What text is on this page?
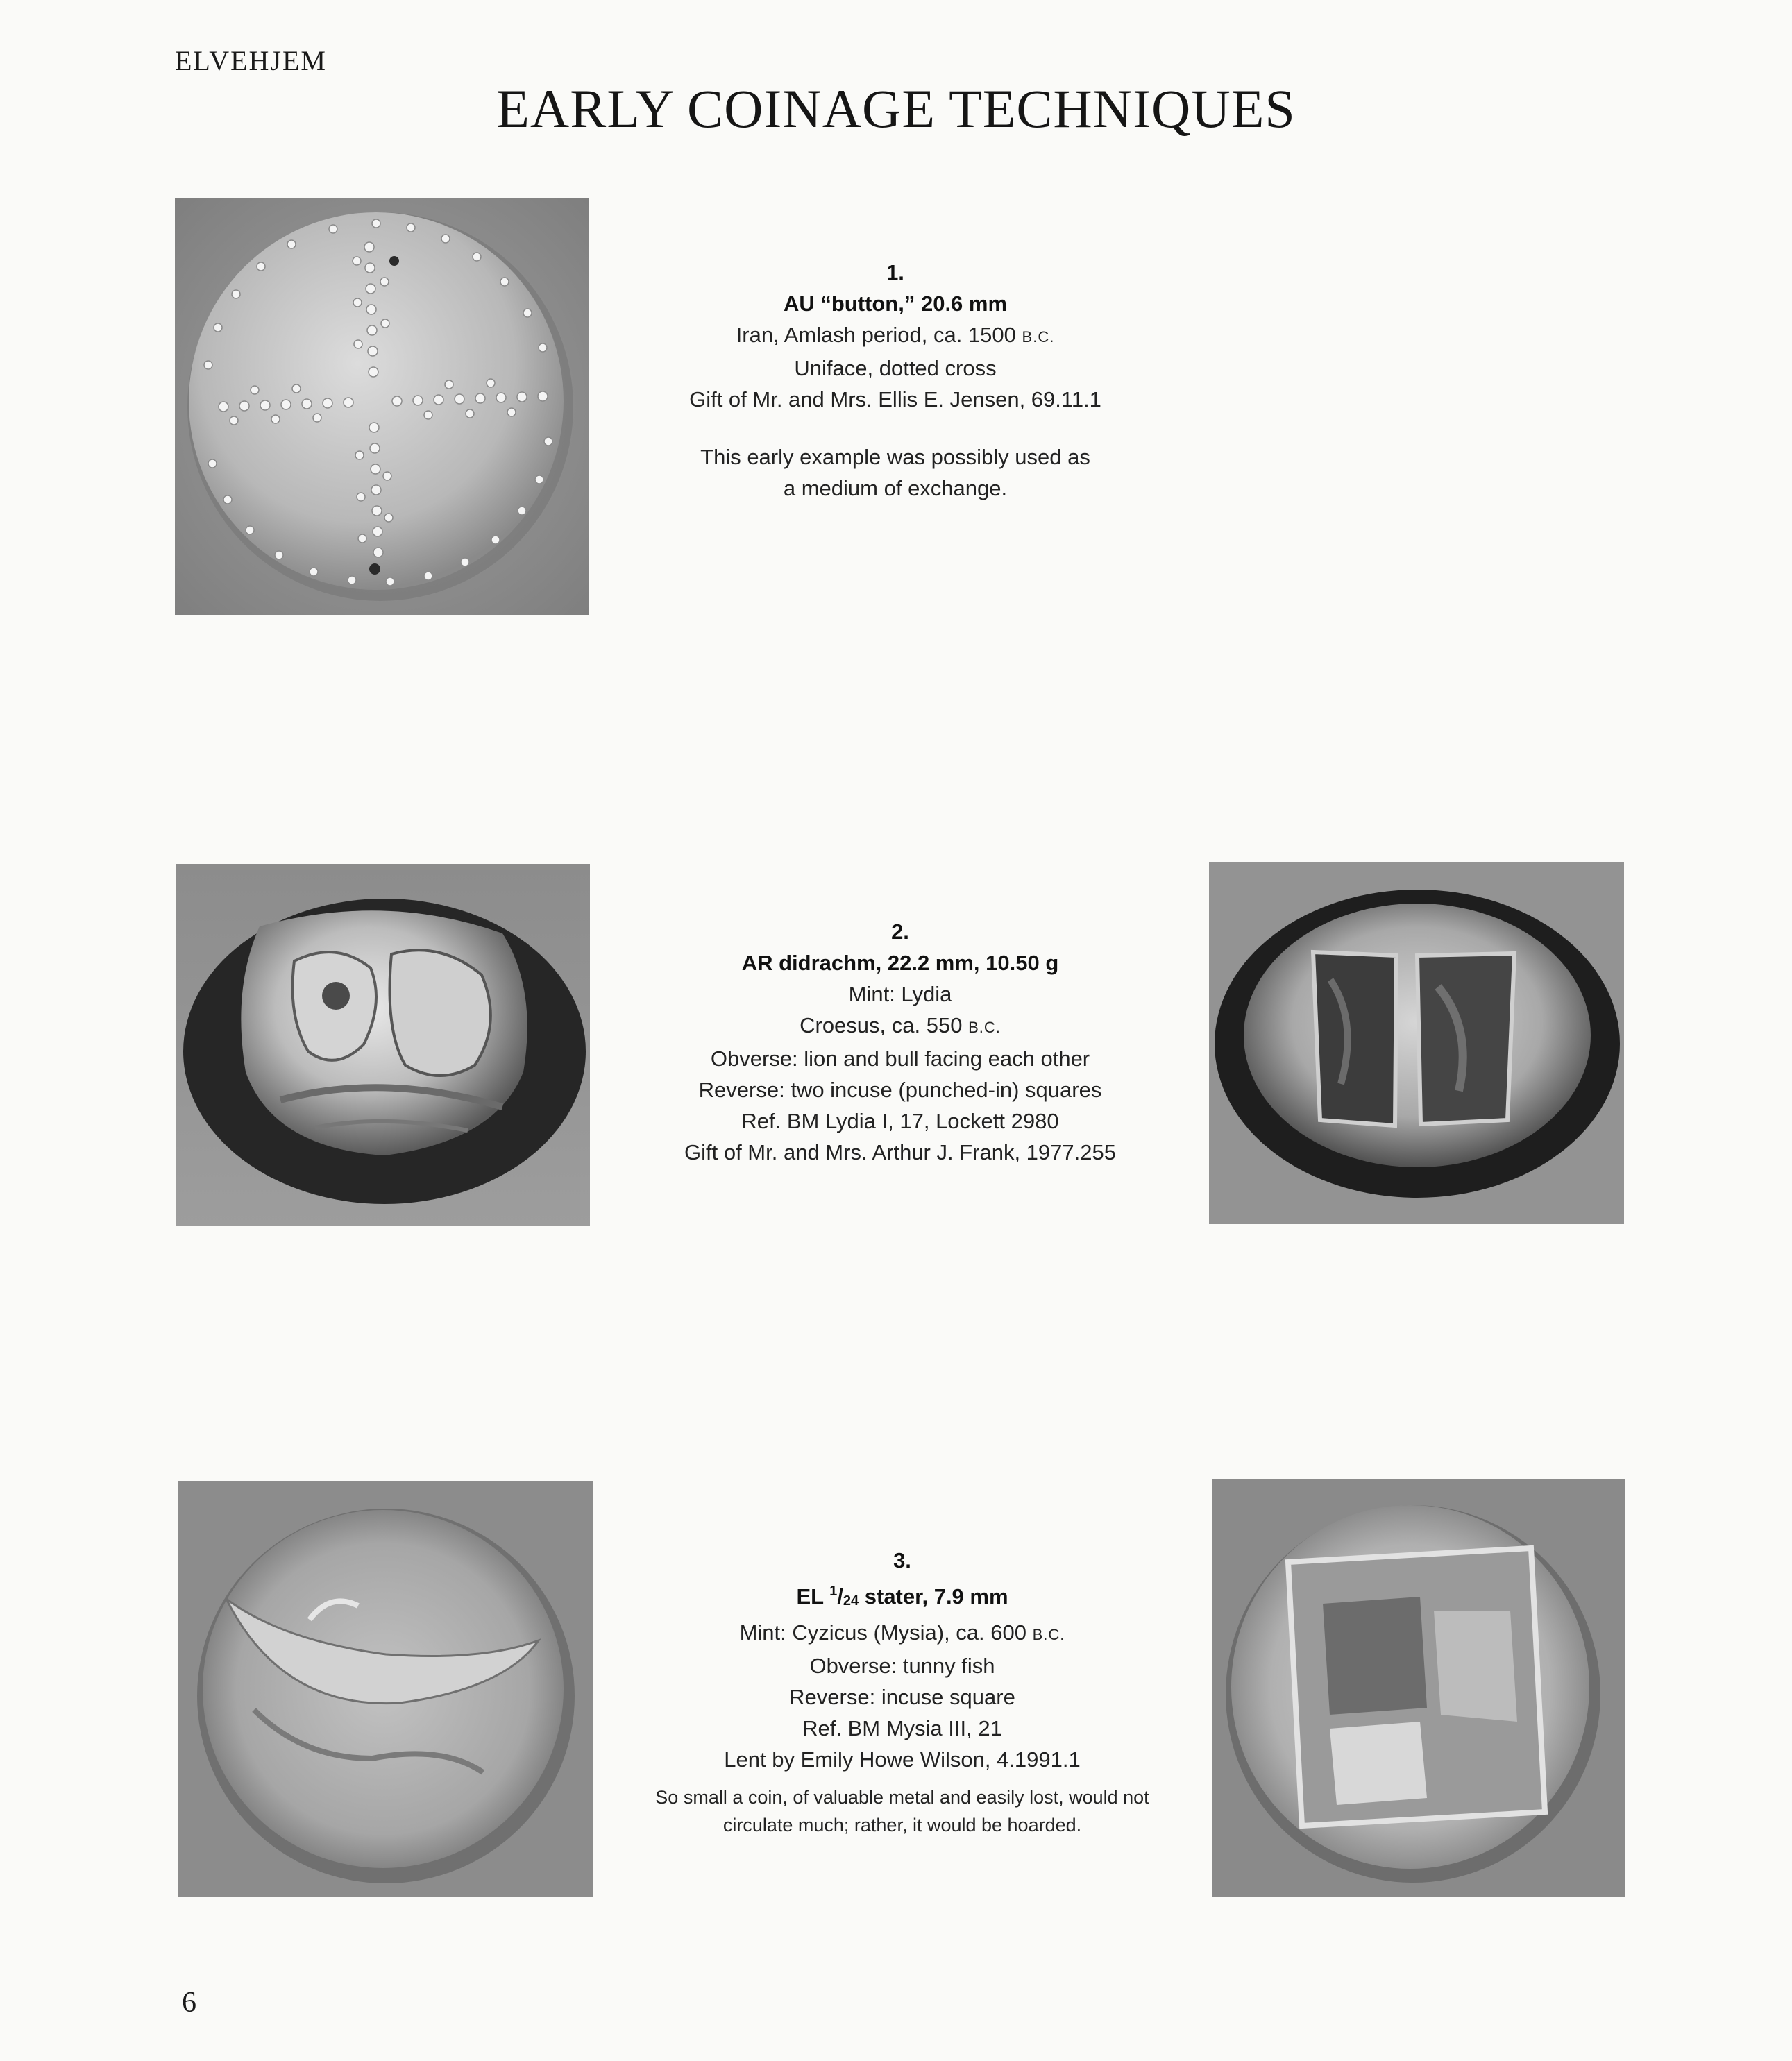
ELVEHJEM
EARLY COINAGE TECHNIQUES
1.
AU “button,” 20.6 mm
Iran, Amlash period, ca. 1500 B.C.
Uniface, dotted cross
Gift of Mr. and Mrs. Ellis E. Jensen, 69.11.1
This early example was possibly used as
a medium of exchange.
2.
AR didrachm, 22.2 mm, 10.50 g
Mint: Lydia
Croesus, ca. 550 B.C.
Obverse: lion and bull facing each other
Reverse: two incuse (punched-in) squares
Ref. BM Lydia I, 17, Lockett 2980
Gift of Mr. and Mrs. Arthur J. Frank, 1977.255
3.
EL $^1/_{24}$ stater, 7.9 mm
Mint: Cyzicus (Mysia), ca. 600 B.C.
Obverse: tunny fish
Reverse: incuse square
Ref. BM Mysia III, 21
Lent by Emily Howe Wilson, 4.1991.1
So small a coin, of valuable metal and easily lost, would not
circulate much; rather, it would be hoarded.
6
